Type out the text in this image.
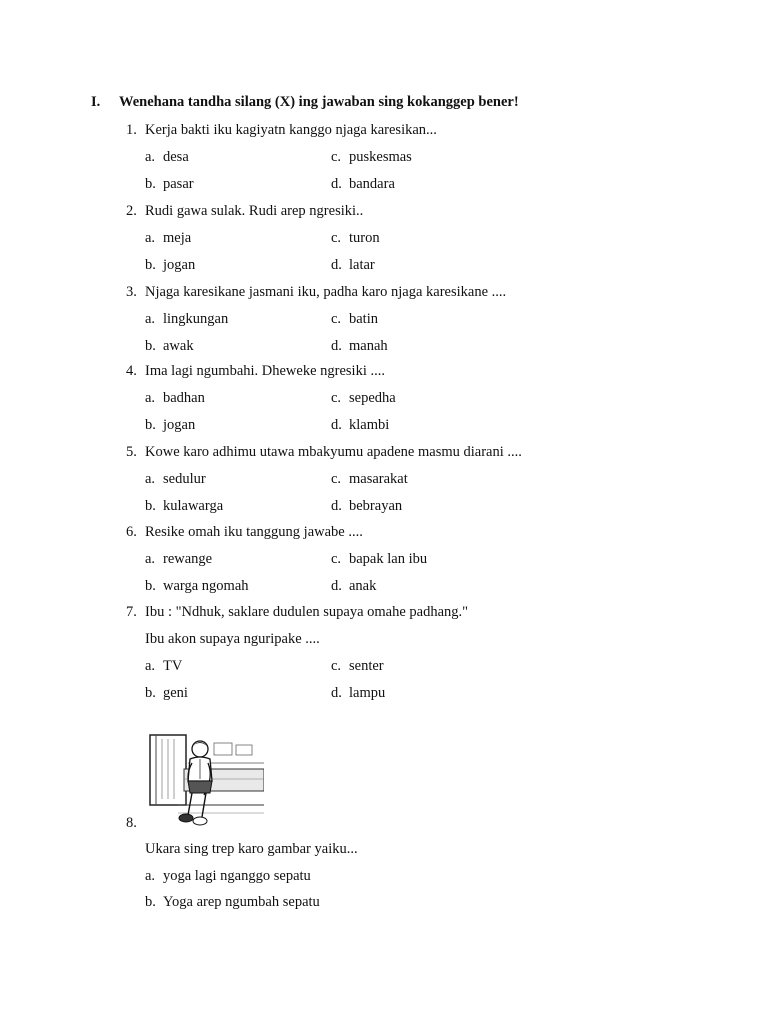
I. Wenehana tandha silang (X) ing jawaban sing kokanggep bener!
1. Kerja bakti iku kagiyatn kanggo njaga karesikan...
a. desa	c. puskesmas
b. pasar	d. bandara
2. Rudi gawa sulak. Rudi arep ngresiki..
a. meja	c. turon
b. jogan	d. latar
3. Njaga karesikane jasmani iku, padha karo njaga karesikane ....
a. lingkungan	c. batin
b. awak	d. manah
4. Ima lagi ngumbahi. Dheweke ngresiki ....
a. badhan	c. sepedha
b. jogan	d. klambi
5. Kowe karo adhimu utawa mbakyumu apadene masmu diarani ....
a. sedulur	c. masarakat
b. kulawarga	d. bebrayan
6. Resike omah iku tanggung jawabe ....
a. rewange	c. bapak lan ibu
b. warga ngomah	d. anak
7. Ibu : "Ndhuk, saklare dudulen supaya omahe padhang."
Ibu akon supaya nguripake ....
a. TV	c. senter
b. geni	d. lampu
8.
Ukara sing trep karo gambar yaiku...
a. yoga lagi nganggo sepatu
b. Yoga arep ngumbah sepatu
